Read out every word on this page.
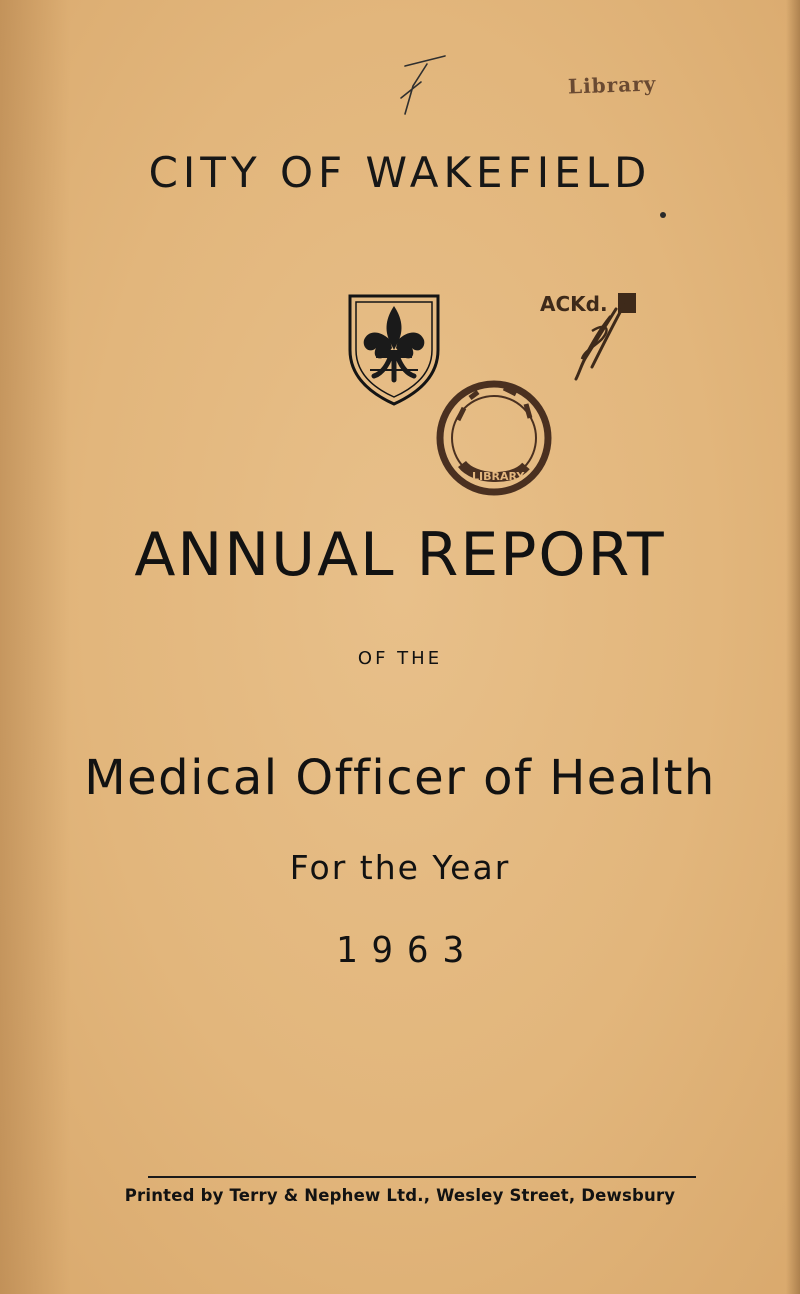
Library
CITY OF WAKEFIELD
ACKd.
LIBRARY
ANNUAL REPORT
OF THE
Medical Officer of Health
For the Year
1963
Printed by Terry & Nephew Ltd., Wesley Street, Dewsbury
